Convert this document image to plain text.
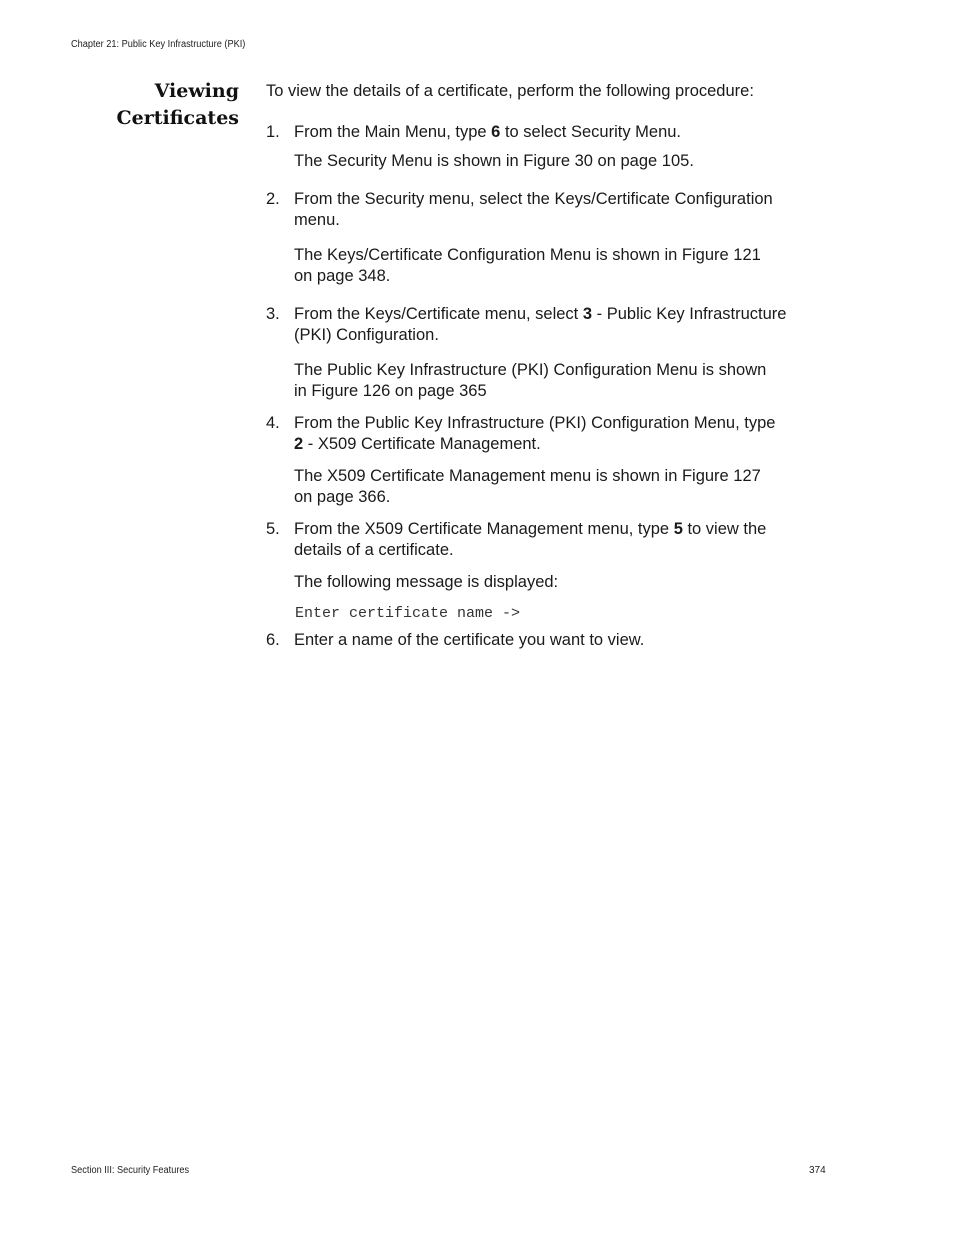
Chapter 21: Public Key Infrastructure (PKI)
Viewing
Certificates
To view the details of a certificate, perform the following procedure:
1. From the Main Menu, type 6 to select Security Menu.
The Security Menu is shown in Figure 30 on page 105.
2. From the Security menu, select the Keys/Certificate Configuration
menu.
The Keys/Certificate Configuration Menu is shown in Figure 121
on page 348.
3. From the Keys/Certificate menu, select 3 - Public Key Infrastructure
(PKI) Configuration.
The Public Key Infrastructure (PKI) Configuration Menu is shown
in Figure 126 on page 365
4. From the Public Key Infrastructure (PKI) Configuration Menu, type
2 - X509 Certificate Management.
The X509 Certificate Management menu is shown in Figure 127
on page 366.
5. From the X509 Certificate Management menu, type 5 to view the
details of a certificate.
The following message is displayed:
Enter certificate name ->
6. Enter a name of the certificate you want to view.
Section III: Security Features	374
